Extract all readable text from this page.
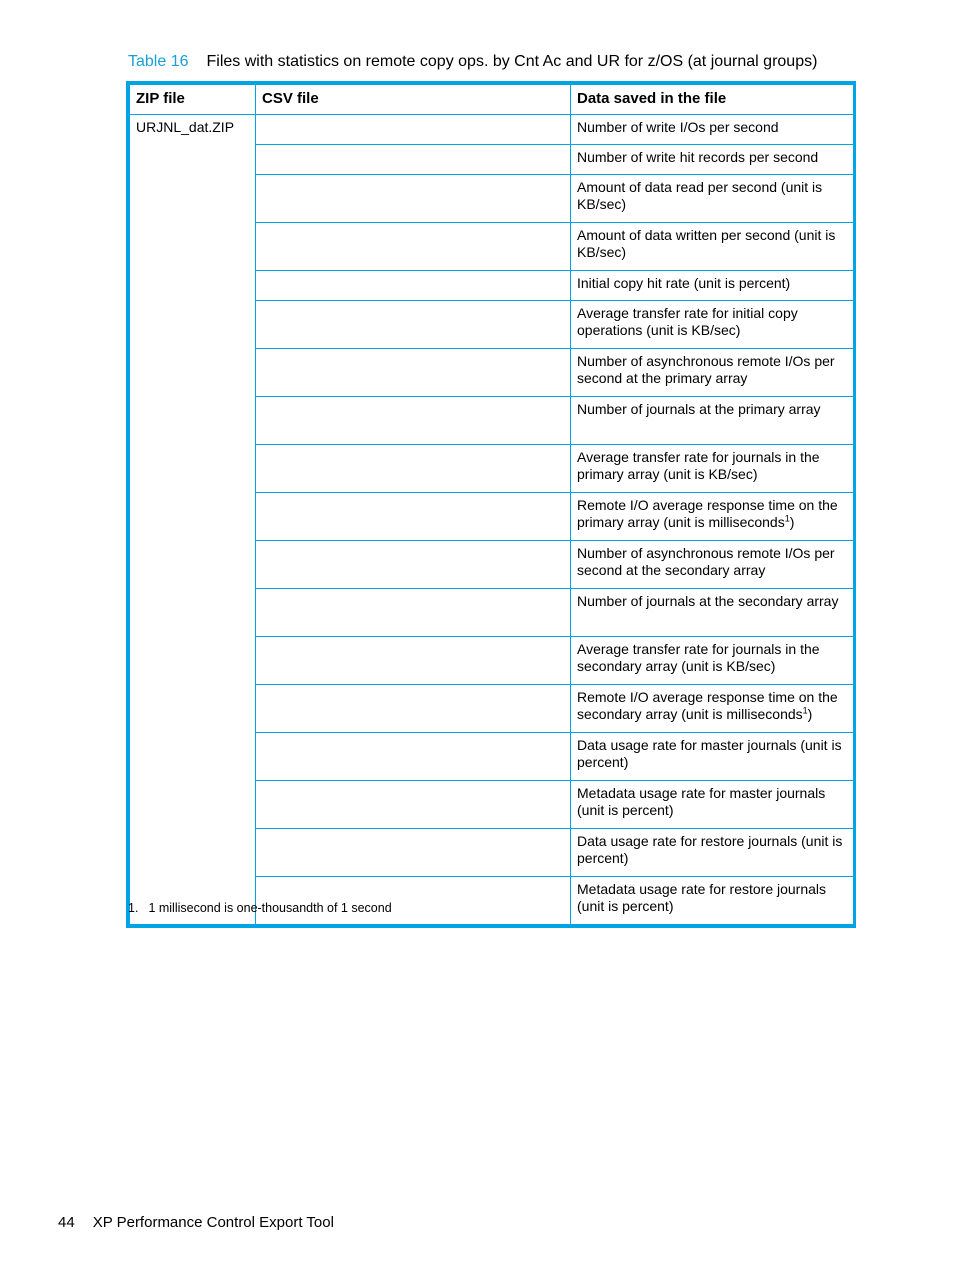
Table 16 Files with statistics on remote copy ops. by Cnt Ac and UR for z/OS (at journal groups)
ZIP file	CSV file	Data saved in the file
URJNL_dat.ZIP		Number of write I/Os per second
		Number of write hit records per second
		Amount of data read per second (unit is KB/sec)
		Amount of data written per second (unit is KB/sec)
		Initial copy hit rate (unit is percent)
		Average transfer rate for initial copy operations (unit is KB/sec)
		Number of asynchronous remote I/Os per second at the primary array
		Number of journals at the primary array
		Average transfer rate for journals in the primary array (unit is KB/sec)
		Remote I/O average response time on the primary array (unit is milliseconds$^1$)
		Number of asynchronous remote I/Os per second at the secondary array
		Number of journals at the secondary array
		Average transfer rate for journals in the secondary array (unit is KB/sec)
		Remote I/O average response time on the secondary array (unit is milliseconds$^1$)
		Data usage rate for master journals (unit is percent)
		Metadata usage rate for master journals (unit is percent)
		Data usage rate for restore journals (unit is percent)
		Metadata usage rate for restore journals (unit is percent)
1. 1 millisecond is one-thousandth of 1 second
44 XP Performance Control Export Tool
